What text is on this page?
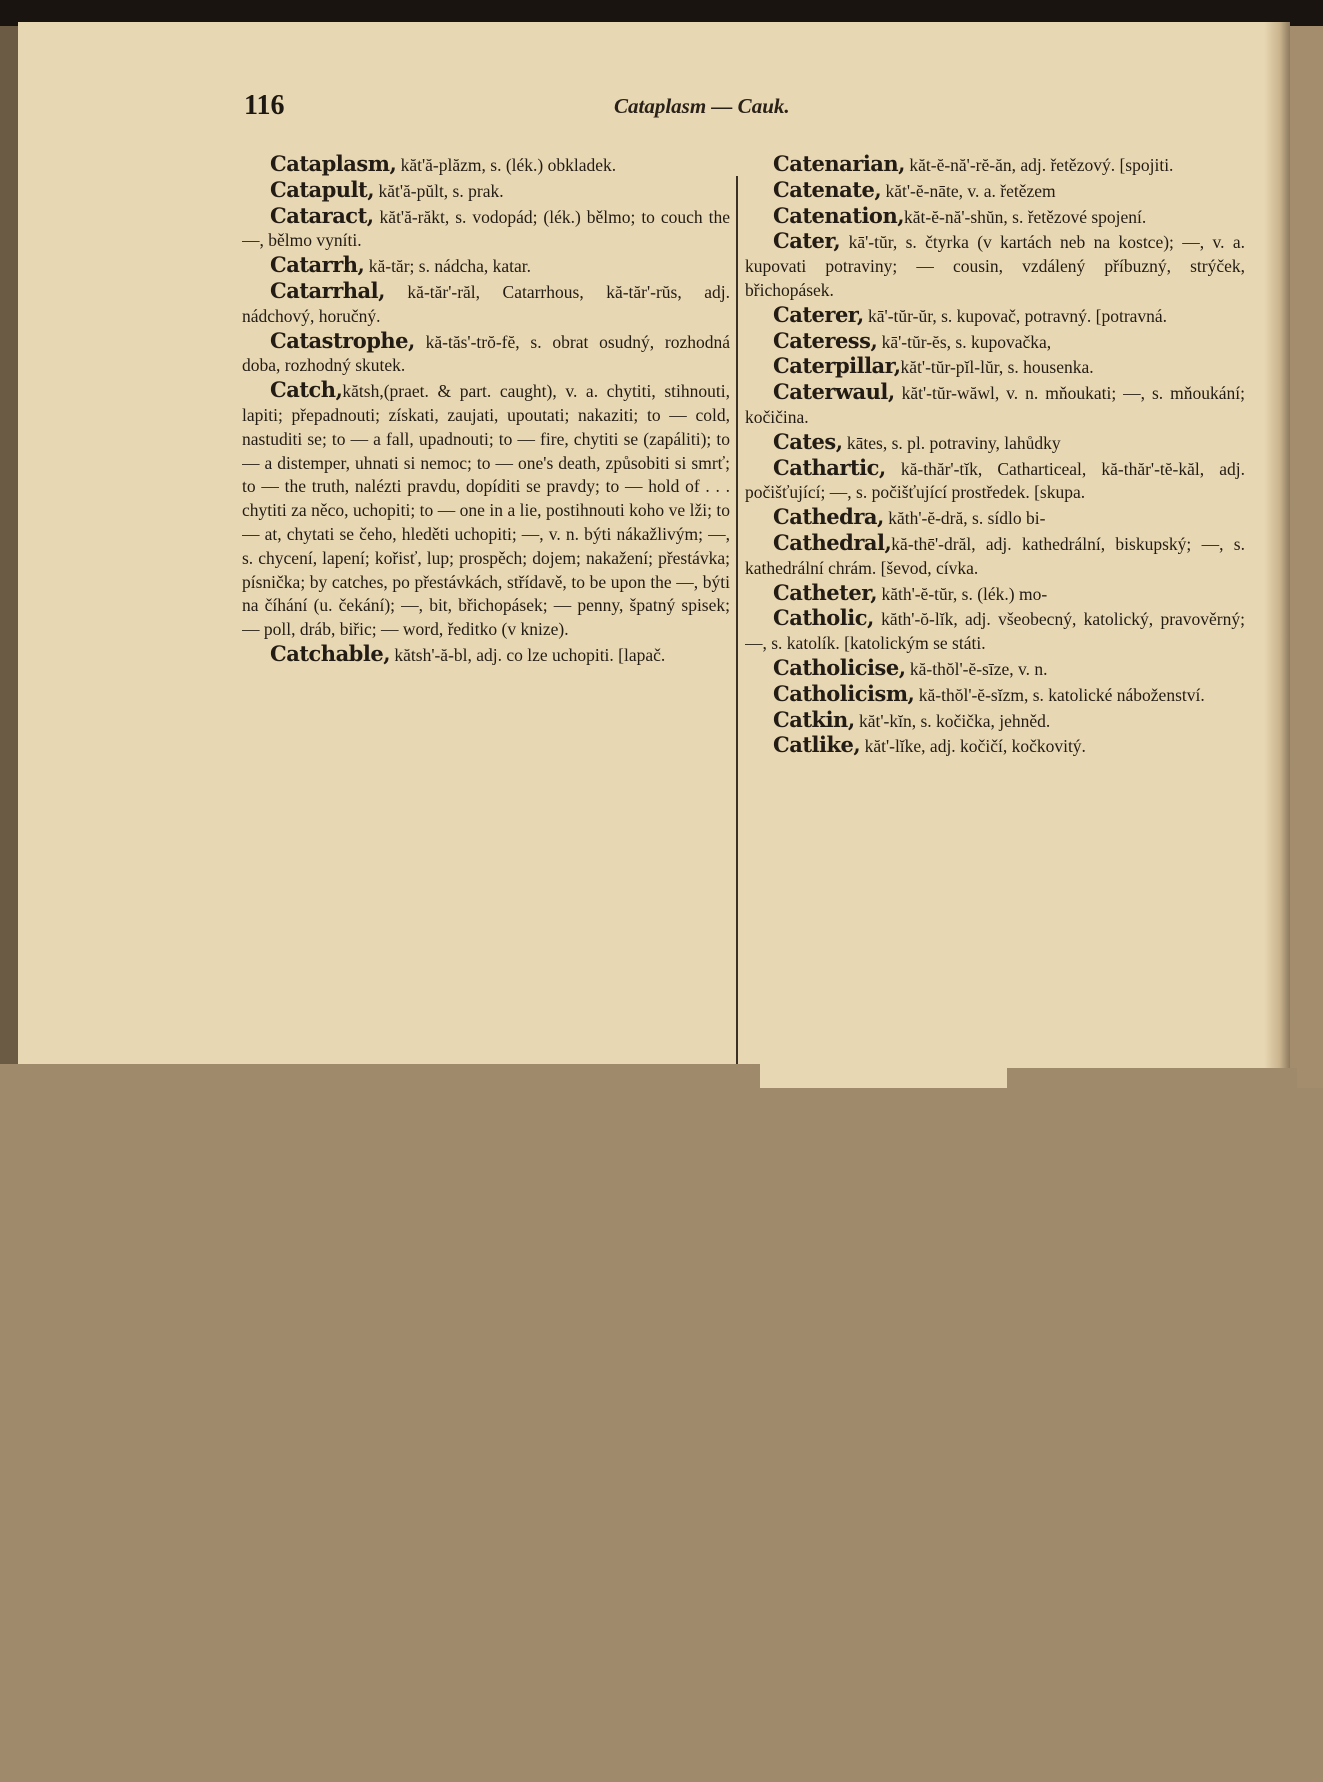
116	Cataplasm — Cauk.

Cataplasm, kăt'ă-plăzm, s. (lék.) obkladek.

Catapult, kăt'ă-pŭlt, s. prak.

Cataract, kăt'ă-răkt, s. vodopád; (lék.) bělmo; to couch the —, bělmo vyníti.

Catarrh, kă-tăr; s. nádcha, katar.

Catarrhal, kă-tăr'-răl, Catarrhous, kă-tăr'-rŭs, adj. nádchový, horučný.

Catastrophe, kă-tăs'-trŏ-fĕ, s. obrat osudný, rozhodná doba, rozhodný skutek.

Catch,kătsh,(praet. & part. caught), v. a. chytiti, stihnouti, lapiti; přepadnouti; získati, zaujati, upoutati; nakaziti; to — cold, nastuditi se; to — a fall, upadnouti; to — fire, chytiti se (zapáliti); to — a distemper, uhnati si nemoc; to — one's death, způsobiti si smrť; to — the truth, nalézti pravdu, dopíditi se pravdy; to — hold of . . . chytiti za něco, uchopiti; to — one in a lie, postihnouti koho ve lži; to — at, chytati se čeho, hleděti uchopiti; —, v. n. býti nákažlivým; —, s. chycení, lapení; kořisť, lup; prospěch; dojem; nakažení; přestávka; písnička; by catches, po přestávkách, střídavě, to be upon the —, býti na číhání (u. čekání); —, bit, břichopásek; — penny, špatný spisek; — poll, dráb, biřic; — word, ředitko (v knize).

Catchable, kătsh'-ă-bl, adj. co lze uchopiti. [lapač.

Catenarian, kăt-ĕ-nă'-rĕ-ăn, adj. řetězový. [spojiti.

Catenate, kăt'-ĕ-nāte, v. a. řetězem

Catenation,kăt-ĕ-nă'-shŭn, s. řetězové spojení.

Cater, kā'-tŭr, s. čtyrka (v kartách neb na kostce); —, v. a. kupovati potraviny; — cousin, vzdálený příbuzný, strýček, břichopásek.

Caterer, kā'-tŭr-ŭr, s. kupovač, potravný. [potravná.

Cateress, kā'-tŭr-ĕs, s. kupovačka,

Caterpillar,kăt'-tŭr-pĭl-lŭr, s. housenka.

Caterwaul, kăt'-tŭr-wăwl, v. n. mňoukati; —, s. mňoukání; kočičina.

Cates, kātes, s. pl. potraviny, lahůdky

Cathartic, kă-thăr'-tĭk, Catharticeal, kă-thăr'-tĕ-kăl, adj. počišťující; —, s. počišťující prostředek. [skupa.

Cathedra, kăth'-ĕ-dră, s. sídlo bi-

Cathedral,kă-thē'-drăl, adj. kathedrální, biskupský; —, s. kathedrální chrám. [ševod, cívka.

Catheter, kăth'-ĕ-tŭr, s. (lék.) mo-

Catholic, kăth'-ŏ-lĭk, adj. všeobecný, katolický, pravověrný; —, s. katolík. [katolickým se státi.

Catholicise, kă-thŏl'-ĕ-sīze, v. n.

Catholicism, kă-thŏl'-ĕ-sĭzm, s. katolické náboženství.

Catkin, kăt'-kĭn, s. kočička, jehněd.

Catlike, kăt'-lĭke, adj. kočičí, kočkovitý.
